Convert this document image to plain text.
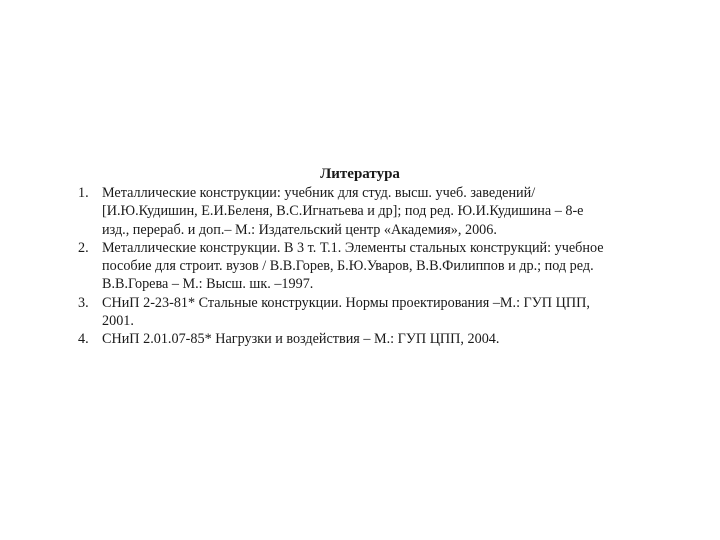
Литература
1. Металлические конструкции: учебник для студ. высш. учеб. заведений/
[И.Ю.Кудишин, Е.И.Беленя, В.С.Игнатьева и др]; под ред. Ю.И.Кудишина – 8-е
изд., перераб. и доп.– М.: Издательский центр «Академия», 2006.
2. Металлические конструкции. В 3 т. Т.1. Элементы стальных конструкций: учебное
пособие для строит. вузов / В.В.Горев, Б.Ю.Уваров, В.В.Филиппов и др.; под ред.
В.В.Горева – М.: Высш. шк. –1997.
3. СНиП 2-23-81* Стальные конструкции. Нормы проектирования –М.: ГУП ЦПП,
2001.
4. СНиП 2.01.07-85* Нагрузки и воздействия – М.: ГУП ЦПП, 2004.
